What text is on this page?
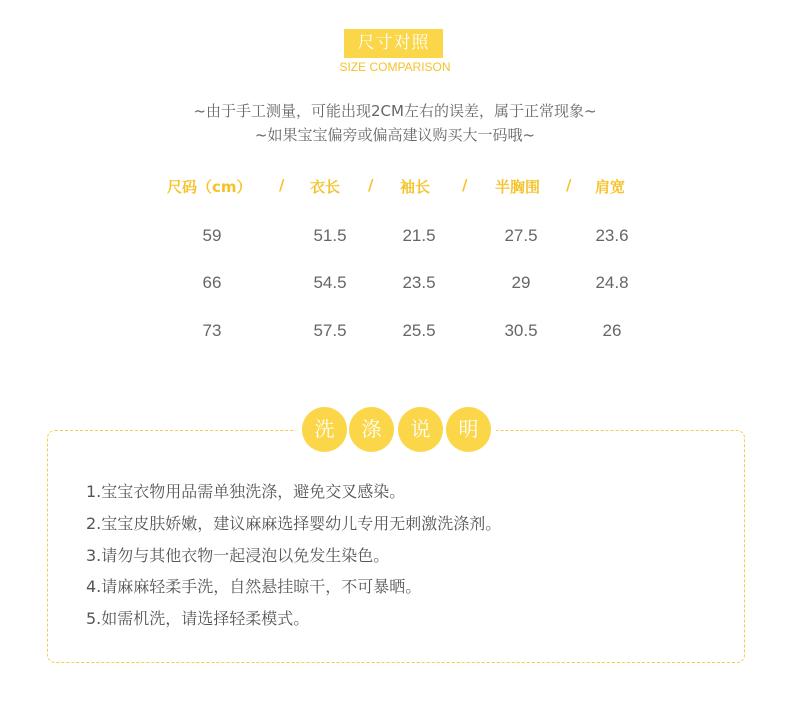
尺寸对照
SIZE COMPARISON
~由于手工测量，可能出现2CM左右的误差，属于正常现象~
~如果宝宝偏旁或偏高建议购买大一码哦~
尺码（cm） / 衣长 / 袖长 / 半胸围 / 肩宽
59	51.5	21.5	27.5	23.6
66	54.5	23.5	29	24.8
73	57.5	25.5	30.5	26
洗	涤	说	明
1.宝宝衣物用品需单独洗涤，避免交叉感染。
2.宝宝皮肤娇嫩，建议麻麻选择婴幼儿专用无刺激洗涤剂。
3.请勿与其他衣物一起浸泡以免发生染色。
4.请麻麻轻柔手洗，自然悬挂晾干，不可暴晒。
5.如需机洗，请选择轻柔模式。
